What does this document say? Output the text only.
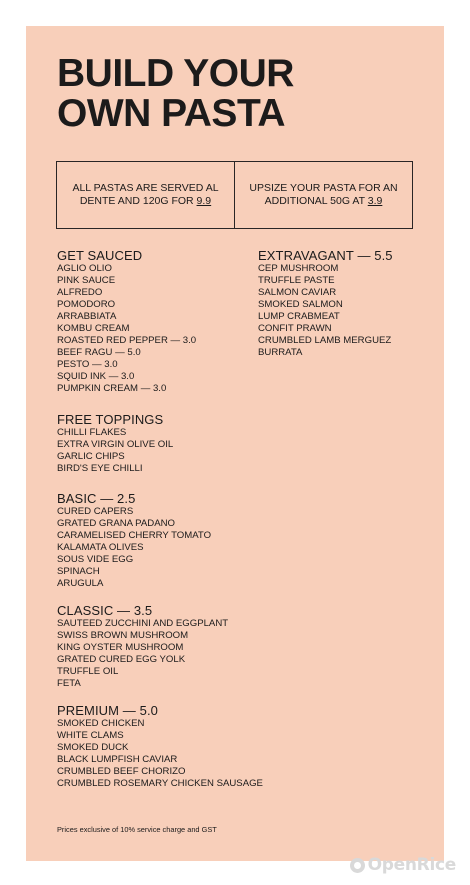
BUILD YOUR
OWN PASTA
ALL PASTAS ARE SERVED AL DENTE AND 120G FOR 9.9
UPSIZE YOUR PASTA FOR AN ADDITIONAL 50G AT 3.9
GET SAUCED
AGLIO OLIO
PINK SAUCE
ALFREDO
POMODORO
ARRABBIATA
KOMBU CREAM
ROASTED RED PEPPER — 3.0
BEEF RAGU — 5.0
PESTO — 3.0
SQUID INK — 3.0
PUMPKIN CREAM — 3.0
EXTRAVAGANT — 5.5
CEP MUSHROOM
TRUFFLE PASTE
SALMON CAVIAR
SMOKED SALMON
LUMP CRABMEAT
CONFIT PRAWN
CRUMBLED LAMB MERGUEZ
BURRATA
FREE TOPPINGS
CHILLI FLAKES
EXTRA VIRGIN OLIVE OIL
GARLIC CHIPS
BIRD'S EYE CHILLI
BASIC — 2.5
CURED CAPERS
GRATED GRANA PADANO
CARAMELISED CHERRY TOMATO
KALAMATA OLIVES
SOUS VIDE EGG
SPINACH
ARUGULA
CLASSIC — 3.5
SAUTEED ZUCCHINI AND EGGPLANT
SWISS BROWN MUSHROOM
KING OYSTER MUSHROOM
GRATED CURED EGG YOLK
TRUFFLE OIL
FETA
PREMIUM — 5.0
SMOKED CHICKEN
WHITE CLAMS
SMOKED DUCK
BLACK LUMPFISH CAVIAR
CRUMBLED BEEF CHORIZO
CRUMBLED ROSEMARY CHICKEN SAUSAGE
Prices exclusive of 10% service charge and GST
OpenRice
